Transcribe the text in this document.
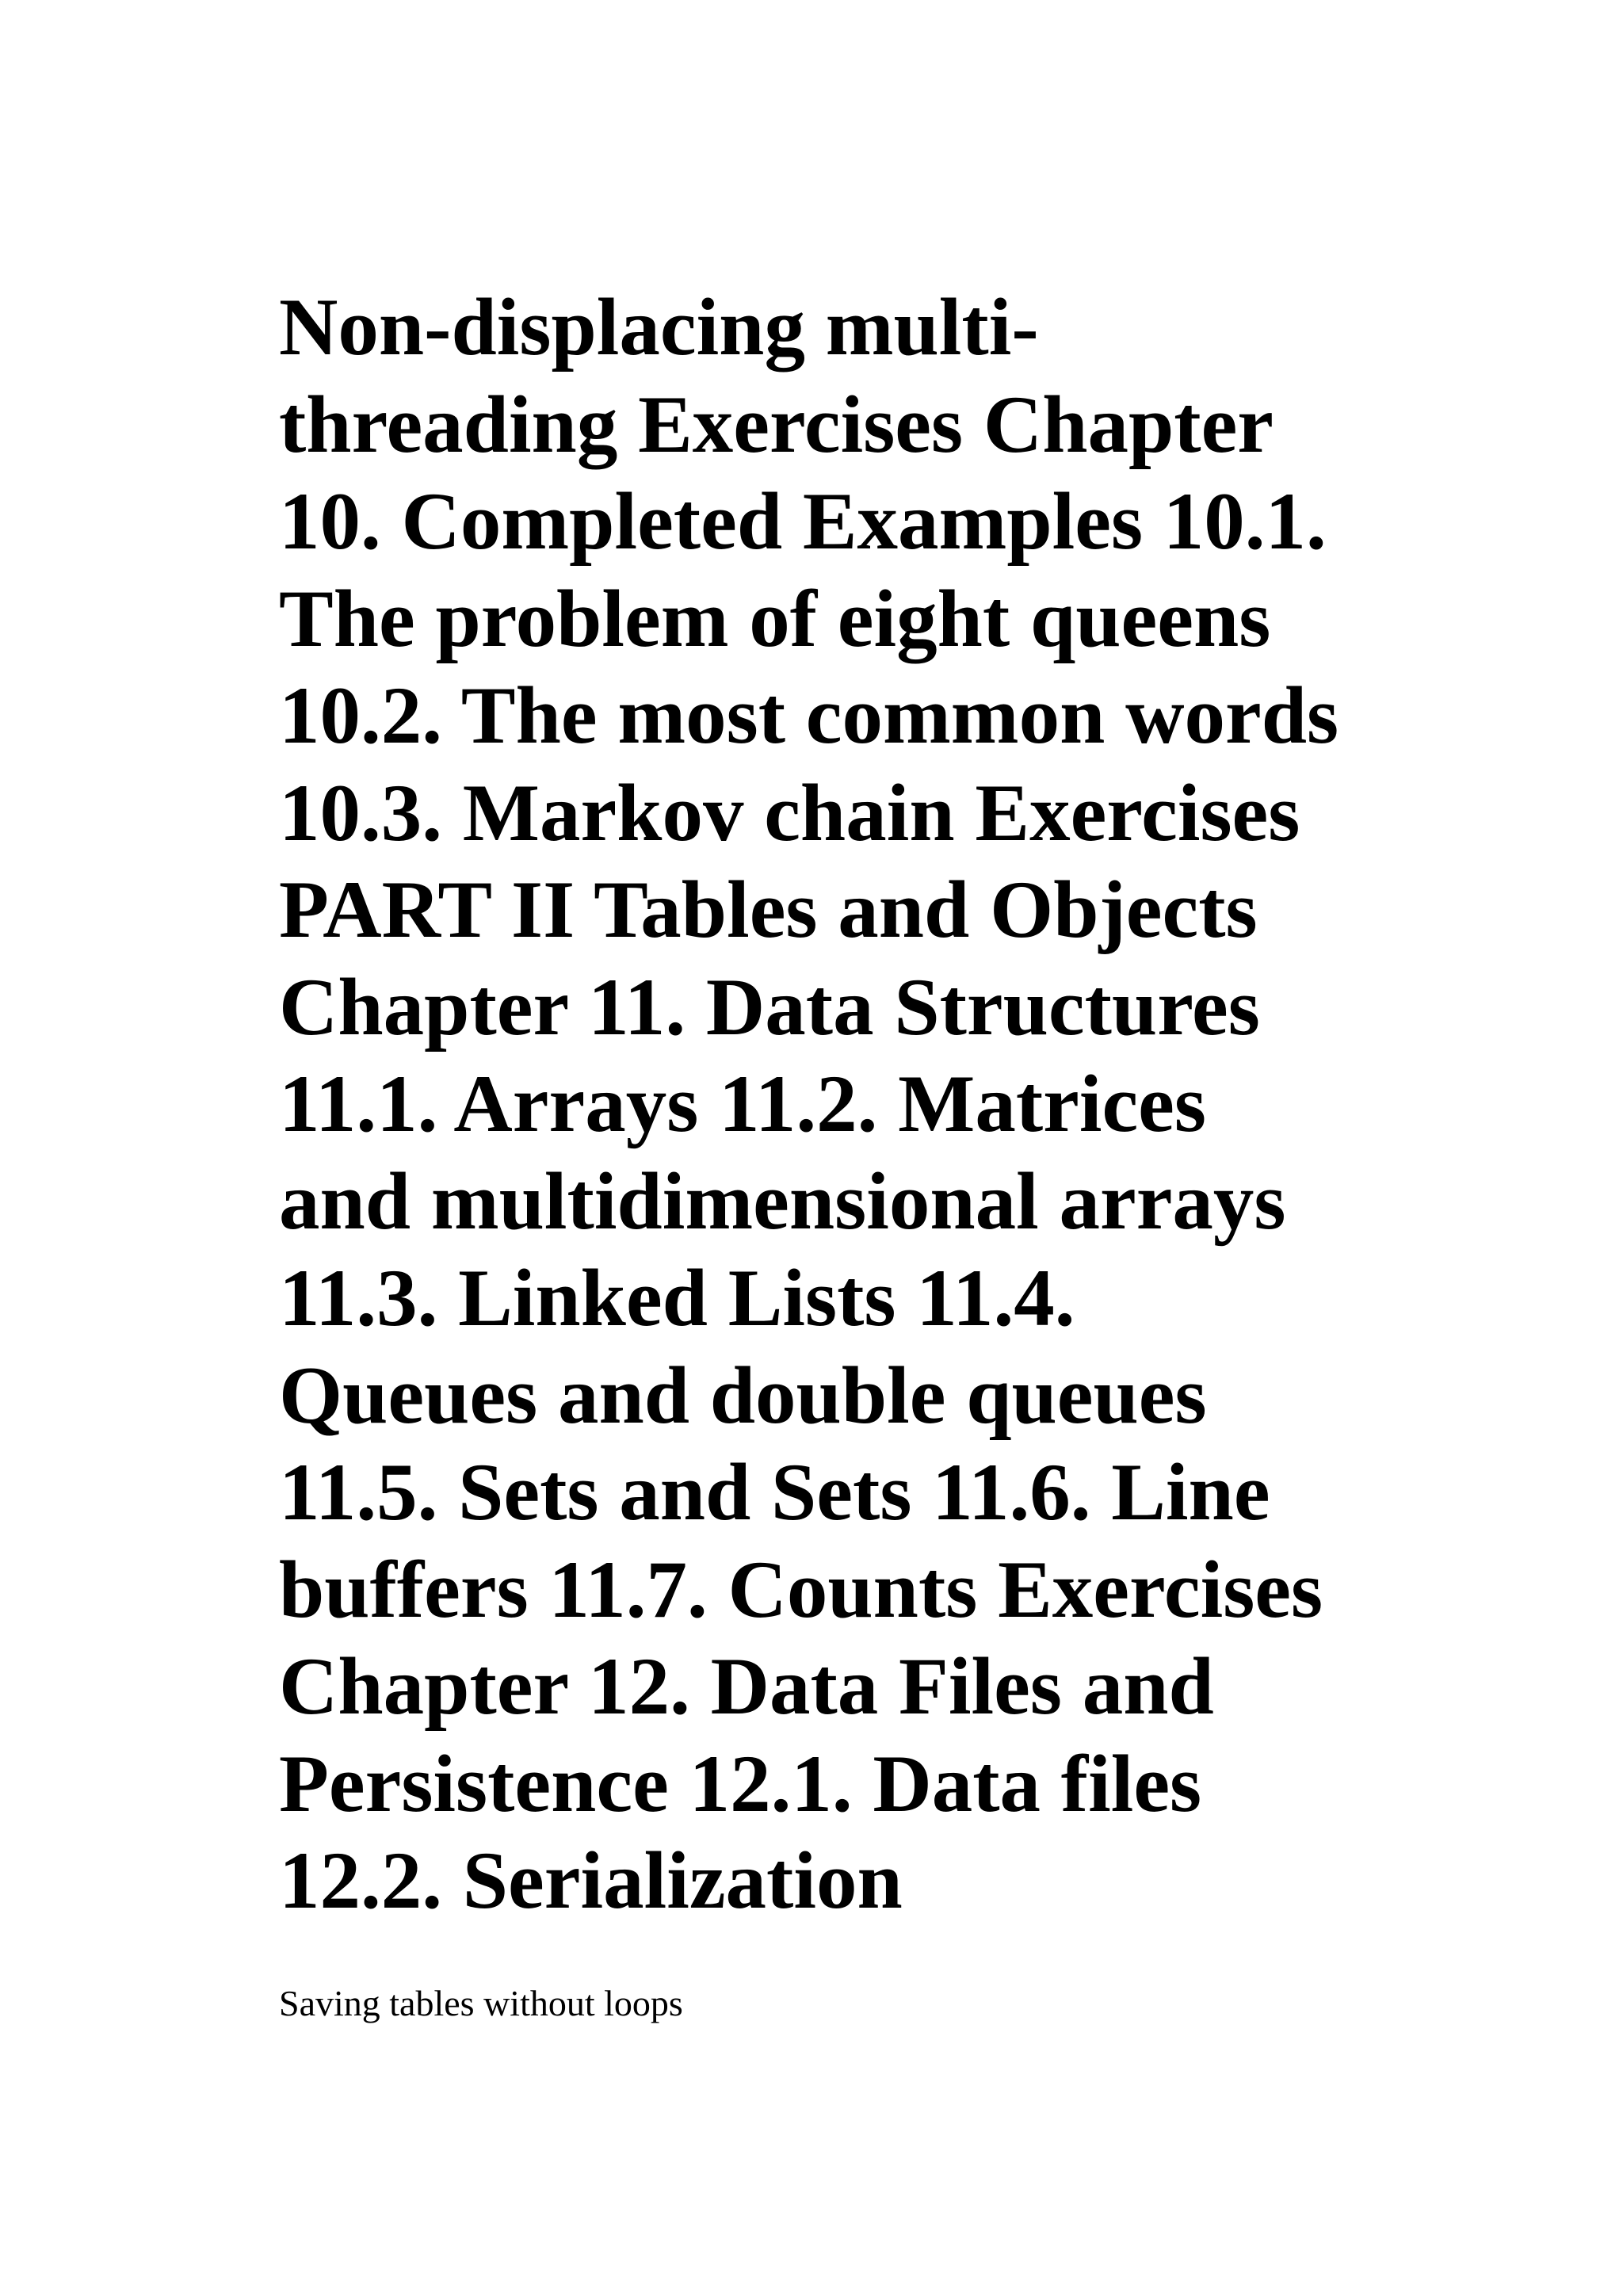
Non-displacing multi-
threading Exercises Chapter
10. Completed Examples 10.1.
The problem of eight queens
10.2. The most common words
10.3. Markov chain Exercises
PART II Tables and Objects
Chapter 11. Data Structures
11.1. Arrays 11.2. Matrices
and multidimensional arrays
11.3. Linked Lists 11.4.
Queues and double queues
11.5. Sets and Sets 11.6. Line
buffers 11.7. Counts Exercises
Chapter 12. Data Files and
Persistence 12.1. Data files
12.2. Serialization

Saving tables without loops
